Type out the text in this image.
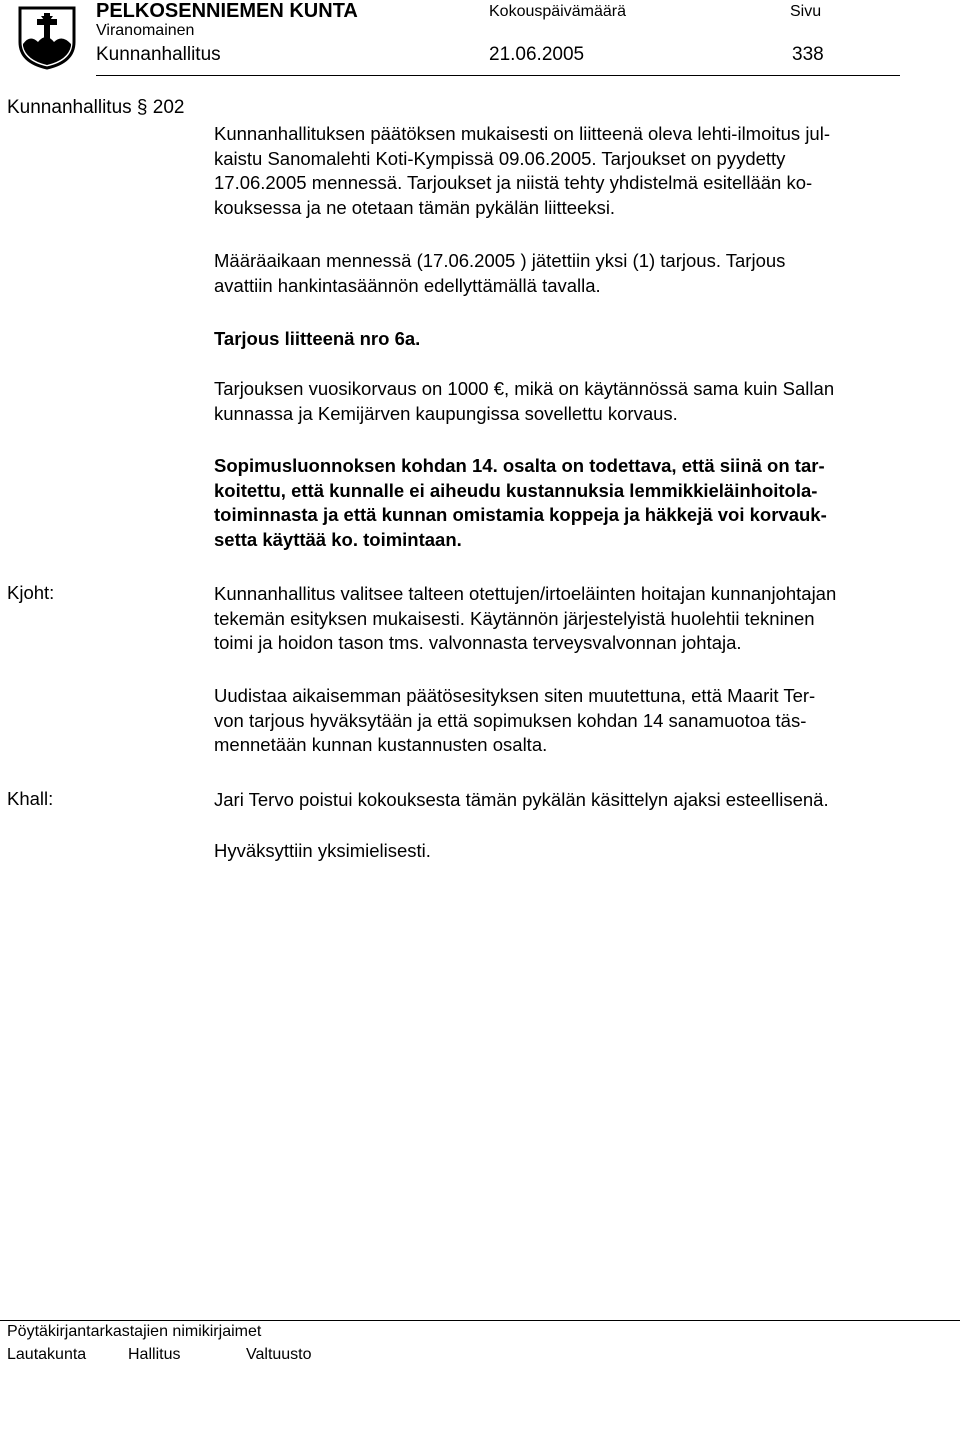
PELKOSENNIEMEN KUNTA
Viranomainen
Kunnanhallitus
Kokouspäivämäärä
21.06.2005
Sivu
338
Kunnanhallitus § 202
Kunnanhallituksen päätöksen mukaisesti on liitteenä oleva lehti-ilmoitus jul-
kaistu Sanomalehti Koti-Kympissä 09.06.2005. Tarjoukset on pyydetty
17.06.2005 mennessä. Tarjoukset ja niistä tehty yhdistelmä esitellään ko-
kouksessa ja ne otetaan tämän pykälän liitteeksi.
Määräaikaan mennessä (17.06.2005 ) jätettiin yksi (1) tarjous. Tarjous
avattiin hankintasäännön edellyttämällä tavalla.
Tarjous liitteenä nro 6a.
Tarjouksen vuosikorvaus on 1000 €, mikä on käytännössä sama kuin Sallan
kunnassa ja Kemijärven kaupungissa sovellettu korvaus.
Sopimusluonnoksen kohdan 14. osalta on todettava, että siinä on tar-
koitettu, että kunnalle ei aiheudu kustannuksia lemmikkieläinhoitola-
toiminnasta ja että kunnan omistamia koppeja ja häkkejä voi korvauk-
setta käyttää ko. toimintaan.
Kjoht:	Kunnanhallitus valitsee talteen otettujen/irtoeläinten hoitajan kunnanjohtajan
tekemän esityksen mukaisesti. Käytännön järjestelyistä huolehtii tekninen
toimi ja hoidon tason tms. valvonnasta terveysvalvonnan johtaja.
Uudistaa aikaisemman päätösesityksen siten muutettuna, että Maarit Ter-
von tarjous hyväksytään ja että sopimuksen kohdan 14 sanamuotoa täs-
mennetään kunnan kustannusten osalta.
Khall:	Jari Tervo poistui kokouksesta tämän pykälän käsittelyn ajaksi esteellisenä.
Hyväksyttiin yksimielisesti.
Pöytäkirjantarkastajien nimikirjaimet
Lautakunta	Hallitus	Valtuusto
